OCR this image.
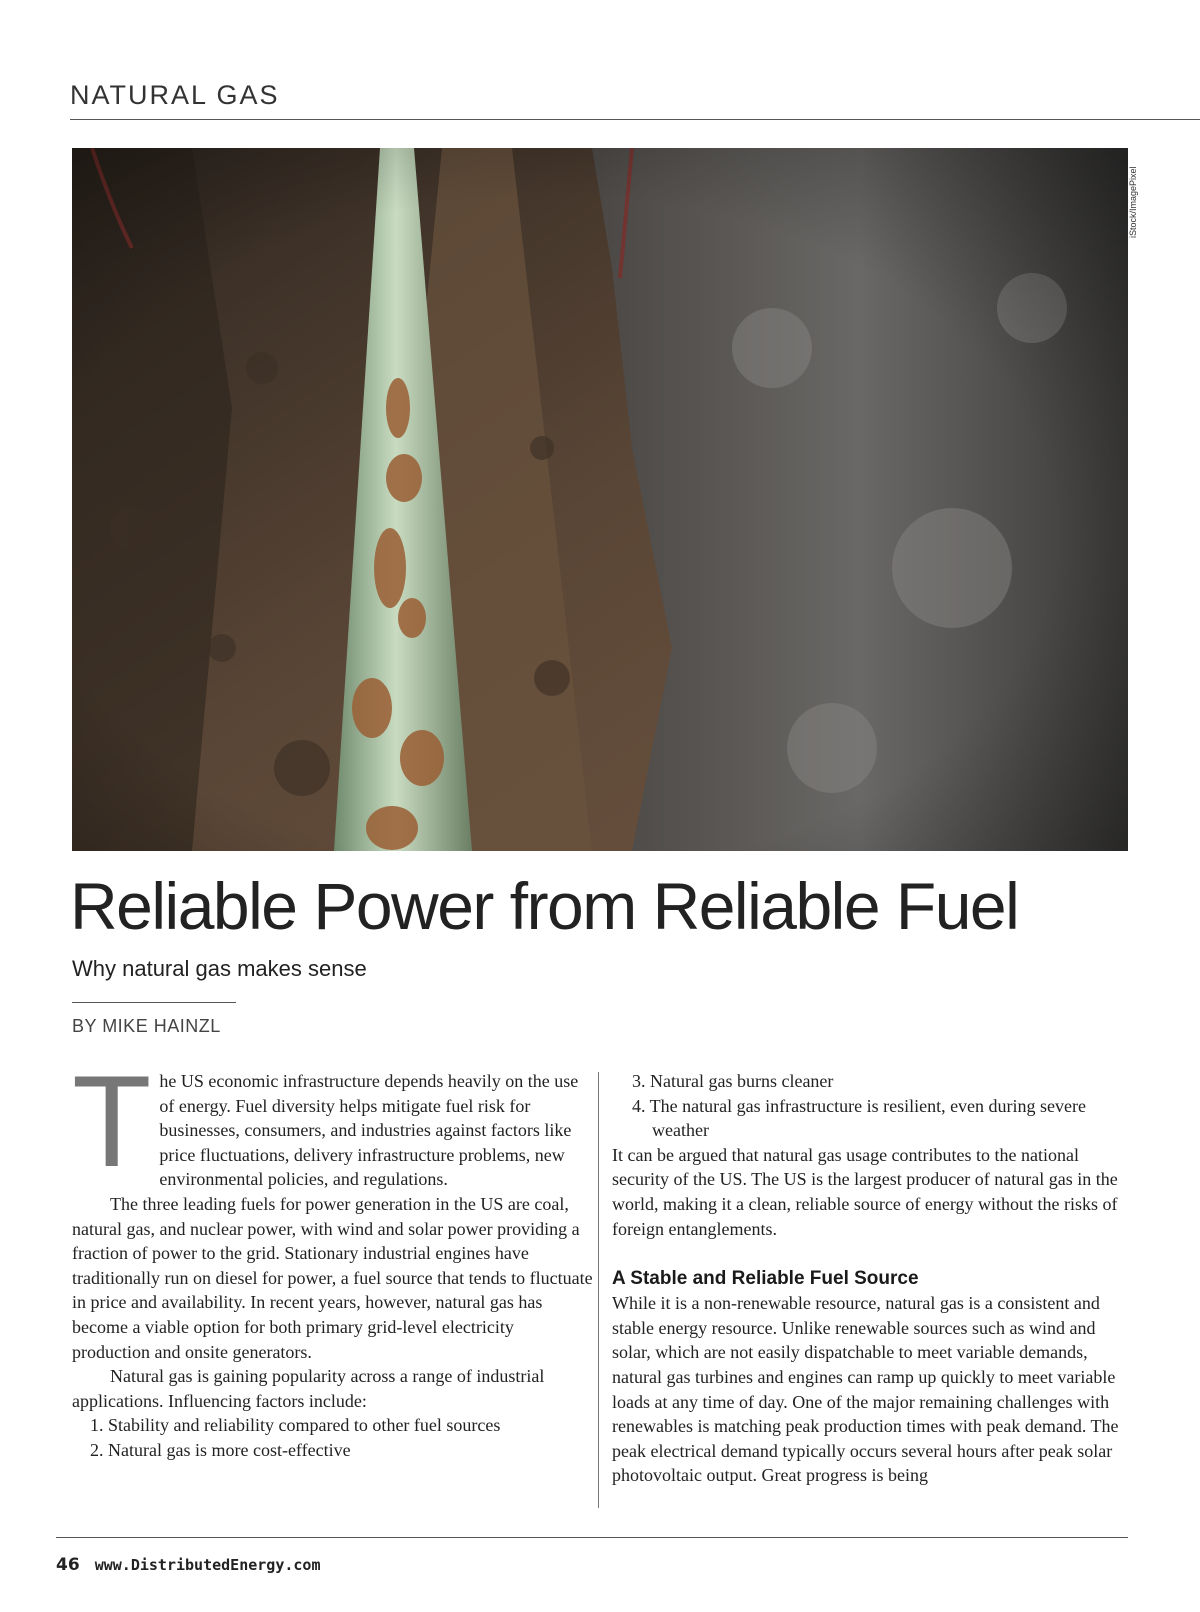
NATURAL GAS
iStock/ImagePixel
Reliable Power from Reliable Fuel
Why natural gas makes sense
BY MIKE HAINZL

The US economic infrastructure depends heavily on the use of energy. Fuel diversity helps mitigate fuel risk for businesses, consumers, and industries against factors like price fluctuations, delivery infrastructure problems, new environmental policies, and regulations.

The three leading fuels for power generation in the US are coal, natural gas, and nuclear power, with wind and solar power providing a fraction of power to the grid. Stationary industrial engines have traditionally run on diesel for power, a fuel source that tends to fluctuate in price and availability. In recent years, however, natural gas has become a viable option for both primary grid-level electricity production and onsite generators.

Natural gas is gaining popularity across a range of industrial applications. Influencing factors include:

1. Stability and reliability compared to other fuel sources
2. Natural gas is more cost-effective
3. Natural gas burns cleaner
4. The natural gas infrastructure is resilient, even during severe weather

It can be argued that natural gas usage contributes to the national security of the US. The US is the largest producer of natural gas in the world, making it a clean, reliable source of energy without the risks of foreign entanglements.

A Stable and Reliable Fuel Source

While it is a non-renewable resource, natural gas is a consistent and stable energy resource. Unlike renewable sources such as wind and solar, which are not easily dispatchable to meet variable demands, natural gas turbines and engines can ramp up quickly to meet variable loads at any time of day. One of the major remaining challenges with renewables is matching peak production times with peak demand. The peak electrical demand typically occurs several hours after peak solar photovoltaic output. Great progress is being

46 www.DistributedEnergy.com
